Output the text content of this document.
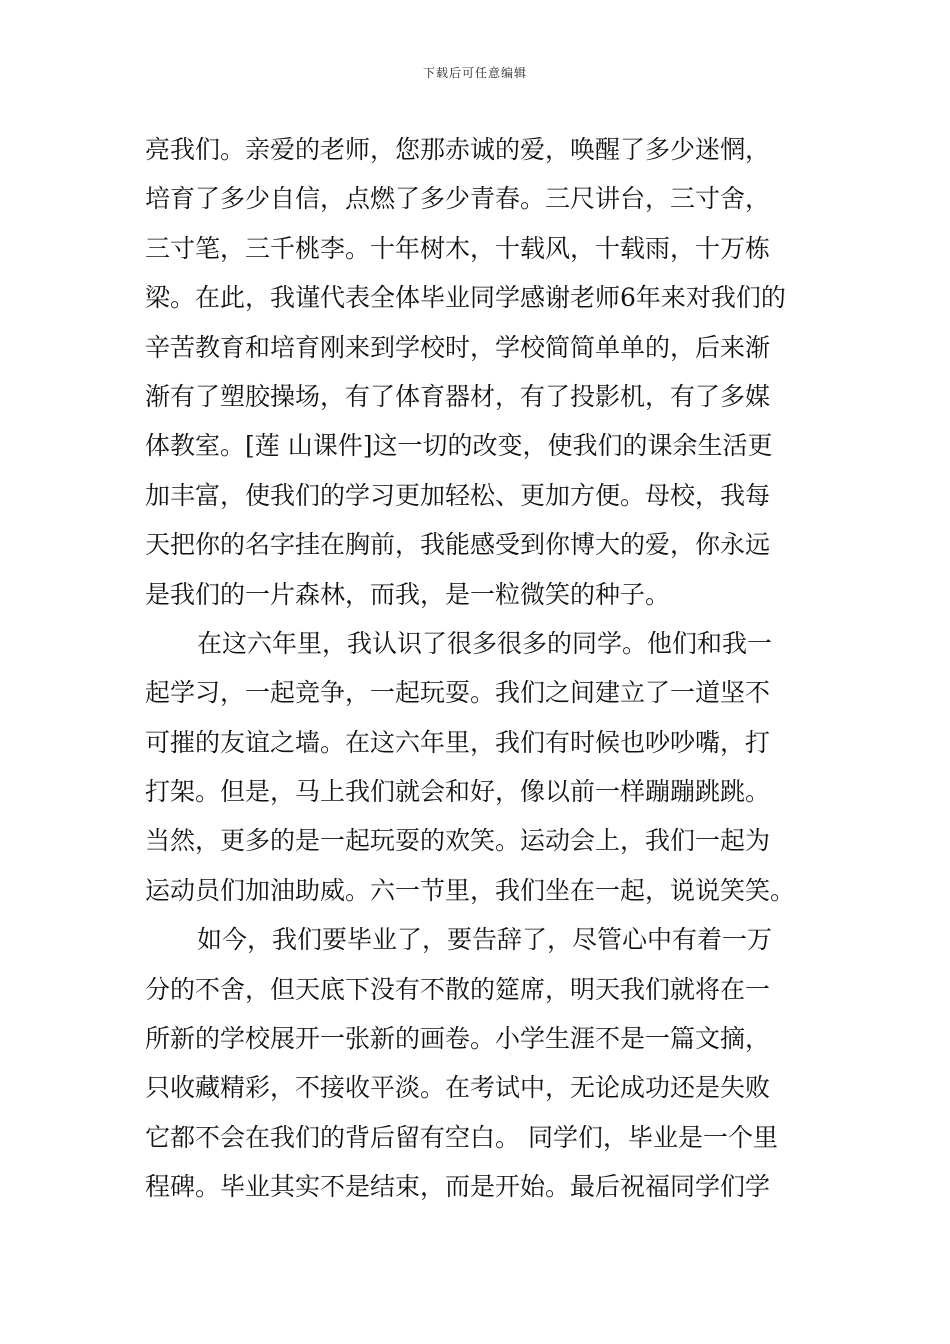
下载后可任意编辑
亮我们。亲爱的老师，您那赤诚的爱，唤醒了多少迷惘，
培育了多少自信，点燃了多少青春。三尺讲台，三寸舍，
三寸笔，三千桃李。十年树木，十载风，十载雨，十万栋
梁。在此，我谨代表全体毕业同学感谢老师6年来对我们的
辛苦教育和培育刚来到学校时，学校简简单单的，后来渐
渐有了塑胶操场，有了体育器材，有了投影机，有了多媒
体教室。[莲 山课件]这一切的改变，使我们的课余生活更
加丰富，使我们的学习更加轻松、更加方便。母校，我每
天把你的名字挂在胸前，我能感受到你博大的爱，你永远
是我们的一片森林，而我，是一粒微笑的种子。
在这六年里，我认识了很多很多的同学。他们和我一
起学习，一起竞争，一起玩耍。我们之间建立了一道坚不
可摧的友谊之墙。在这六年里，我们有时候也吵吵嘴，打
打架。但是，马上我们就会和好，像以前一样蹦蹦跳跳。
当然，更多的是一起玩耍的欢笑。运动会上，我们一起为
运动员们加油助威。六一节里，我们坐在一起，说说笑笑。
如今，我们要毕业了，要告辞了，尽管心中有着一万
分的不舍，但天底下没有不散的筵席，明天我们就将在一
所新的学校展开一张新的画卷。小学生涯不是一篇文摘，
只收藏精彩，不接收平淡。在考试中，无论成功还是失败
它都不会在我们的背后留有空白。 同学们，毕业是一个里
程碑。毕业其实不是结束，而是开始。最后祝福同学们学
